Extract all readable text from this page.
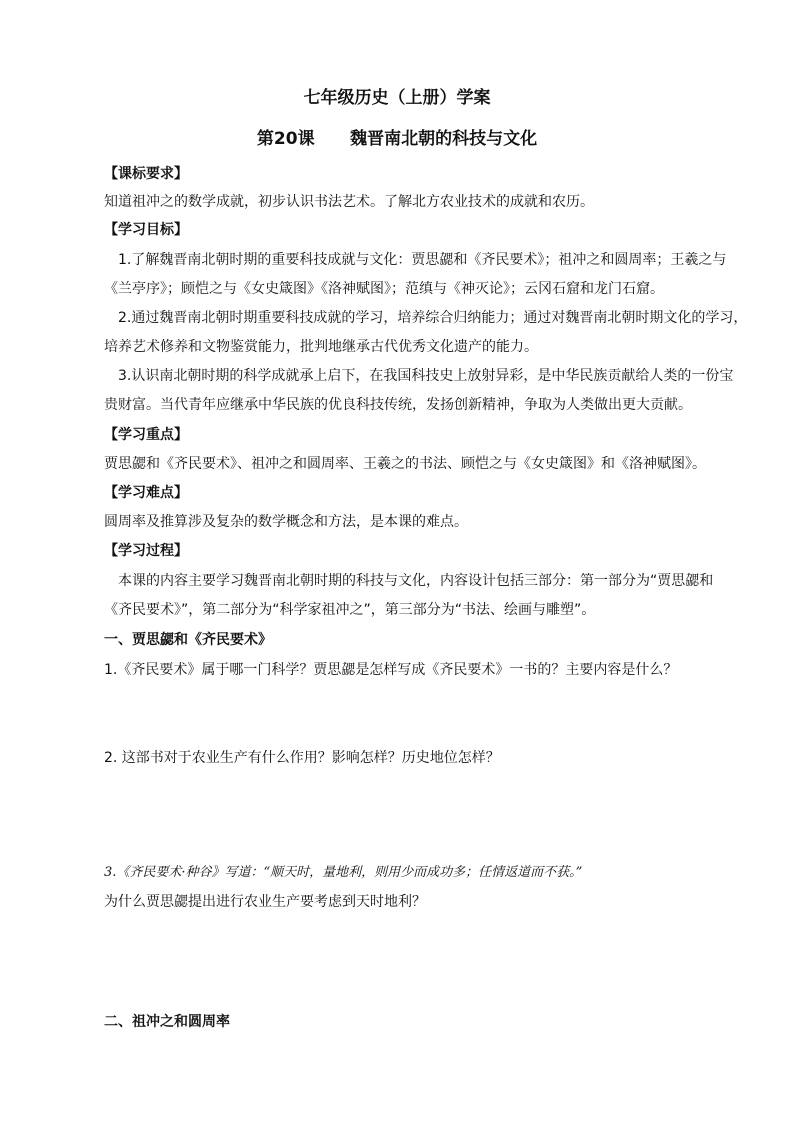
七年级历史（上册）学案
第20课      魏晋南北朝的科技与文化
【课标要求】
知道祖冲之的数学成就，初步认识书法艺术。了解北方农业技术的成就和农历。
【学习目标】
1.了解魏晋南北朝时期的重要科技成就与文化：贾思勰和《齐民要术》；祖冲之和圆周率；王羲之与
《兰亭序》；顾恺之与《女史箴图》《洛神赋图》；范缜与《神灭论》；云冈石窟和龙门石窟。
2.通过魏晋南北朝时期重要科技成就的学习，培养综合归纳能力；通过对魏晋南北朝时期文化的学习，
培养艺术修养和文物鉴赏能力，批判地继承古代优秀文化遗产的能力。
3.认识南北朝时期的科学成就承上启下，在我国科技史上放射异彩，是中华民族贡献给人类的一份宝
贵财富。当代青年应继承中华民族的优良科技传统，发扬创新精神，争取为人类做出更大贡献。
【学习重点】
贾思勰和《齐民要术》、祖冲之和圆周率、王羲之的书法、顾恺之与《女史箴图》和《洛神赋图》。
【学习难点】
圆周率及推算涉及复杂的数学概念和方法，是本课的难点。
【学习过程】
本课的内容主要学习魏晋南北朝时期的科技与文化，内容设计包括三部分：第一部分为“贾思勰和
《齐民要术》”，第二部分为“科学家祖冲之”，第三部分为“书法、绘画与雕塑”。
一、贾思勰和《齐民要术》
1.《齐民要术》属于哪一门科学？贾思勰是怎样写成《齐民要术》一书的？主要内容是什么？
2. 这部书对于农业生产有什么作用？影响怎样？历史地位怎样？
3.《齐民要术·种谷》写道：“顺天时，量地利，则用少而成功多；任情返道而不获。”
为什么贾思勰提出进行农业生产要考虑到天时地利？
二、祖冲之和圆周率
